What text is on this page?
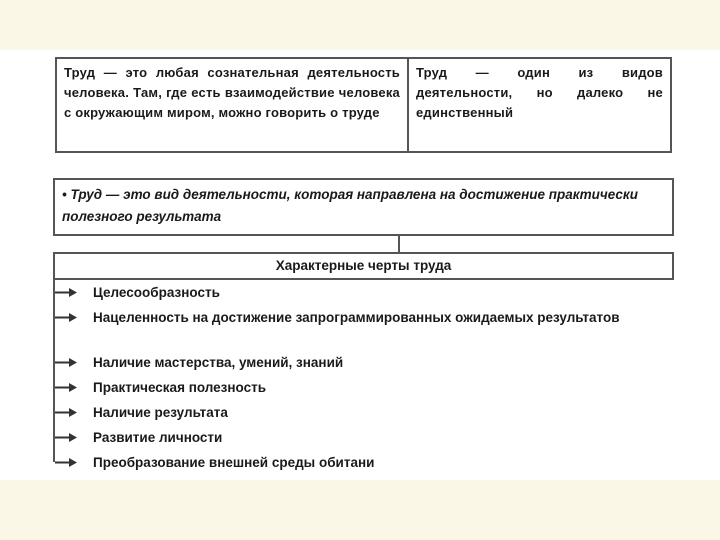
Труд — это любая сознательная деятельность человека. Там, где есть взаимодействие человека с окружающим миром, можно говорить о труде
Труд — один из видов деятельности, но далеко не единственный
• Труд — это вид деятельности, которая направлена на достижение практически полезного результата
Характерные черты труда
Целесообразность
Нацеленность на достижение запрограммированных ожидаемых результатов
Наличие мастерства, умений, знаний
Практическая полезность
Наличие результата
Развитие личности
Преобразование внешней среды обитани
